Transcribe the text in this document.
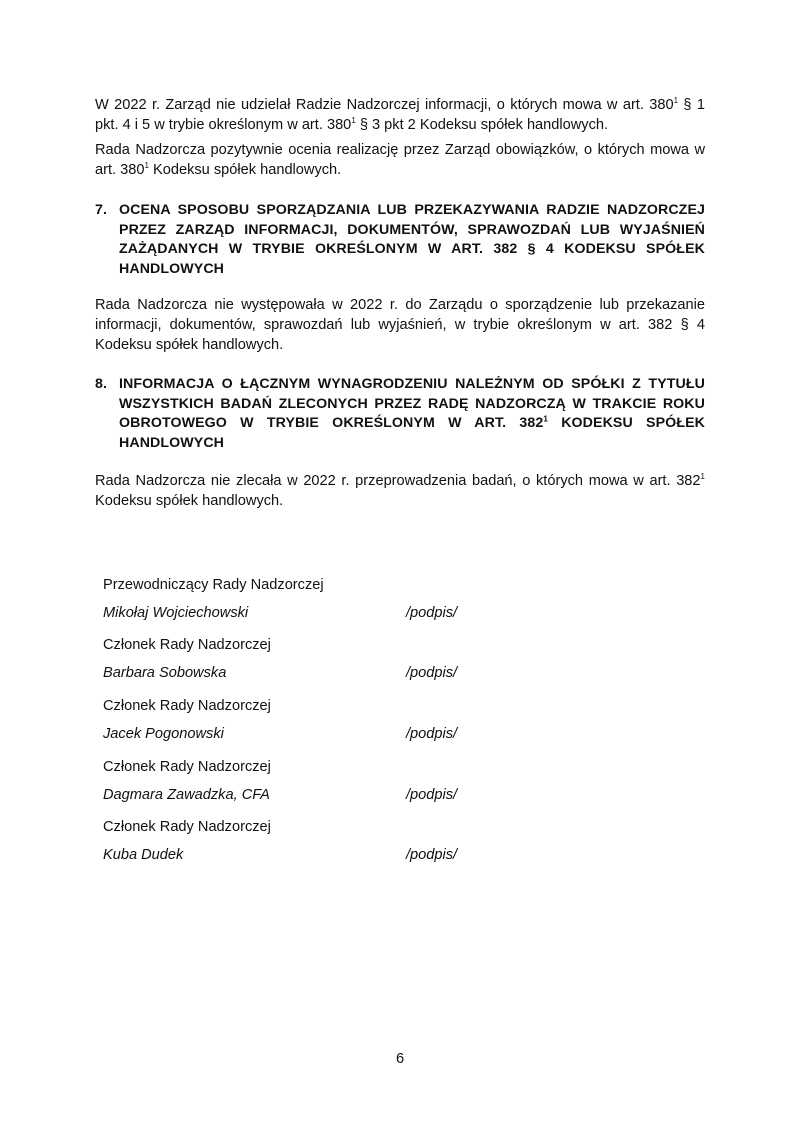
W 2022 r. Zarząd nie udzielał Radzie Nadzorczej informacji, o których mowa w art. $380^1$ § 1 pkt. 4 i 5 w trybie określonym w art. $380^1$ § 3 pkt 2 Kodeksu spółek handlowych.

Rada Nadzorcza pozytywnie ocenia realizację przez Zarząd obowiązków, o których mowa w art. $380^1$ Kodeksu spółek handlowych.

7. OCENA SPOSOBU SPORZĄDZANIA LUB PRZEKAZYWANIA RADZIE NADZORCZEJ PRZEZ ZARZĄD INFORMACJI, DOKUMENTÓW, SPRAWOZDAŃ LUB WYJAŚNIEŃ ZAŻĄDANYCH W TRYBIE OKREŚLONYM W ART. 382 § 4 KODEKSU SPÓŁEK HANDLOWYCH

Rada Nadzorcza nie występowała w 2022 r. do Zarządu o sporządzenie lub przekazanie informacji, dokumentów, sprawozdań lub wyjaśnień, w trybie określonym w art. 382 § 4 Kodeksu spółek handlowych.

8. INFORMACJA O ŁĄCZNYM WYNAGRODZENIU NALEŻNYM OD SPÓŁKI Z TYTUŁU WSZYSTKICH BADAŃ ZLECONYCH PRZEZ RADĘ NADZORCZĄ W TRAKCIE ROKU OBROTOWEGO W TRYBIE OKREŚLONYM W ART. $382^1$ KODEKSU SPÓŁEK HANDLOWYCH

Rada Nadzorcza nie zlecała w 2022 r. przeprowadzenia badań, o których mowa w art. $382^1$ Kodeksu spółek handlowych.

Przewodniczący Rady Nadzorczej
Mikołaj Wojciechowski	/podpis/
Członek Rady Nadzorczej
Barbara Sobowska	/podpis/
Członek Rady Nadzorczej
Jacek Pogonowski	/podpis/
Członek Rady Nadzorczej
Dagmara Zawadzka, CFA	/podpis/
Członek Rady Nadzorczej
Kuba Dudek	/podpis/
6
